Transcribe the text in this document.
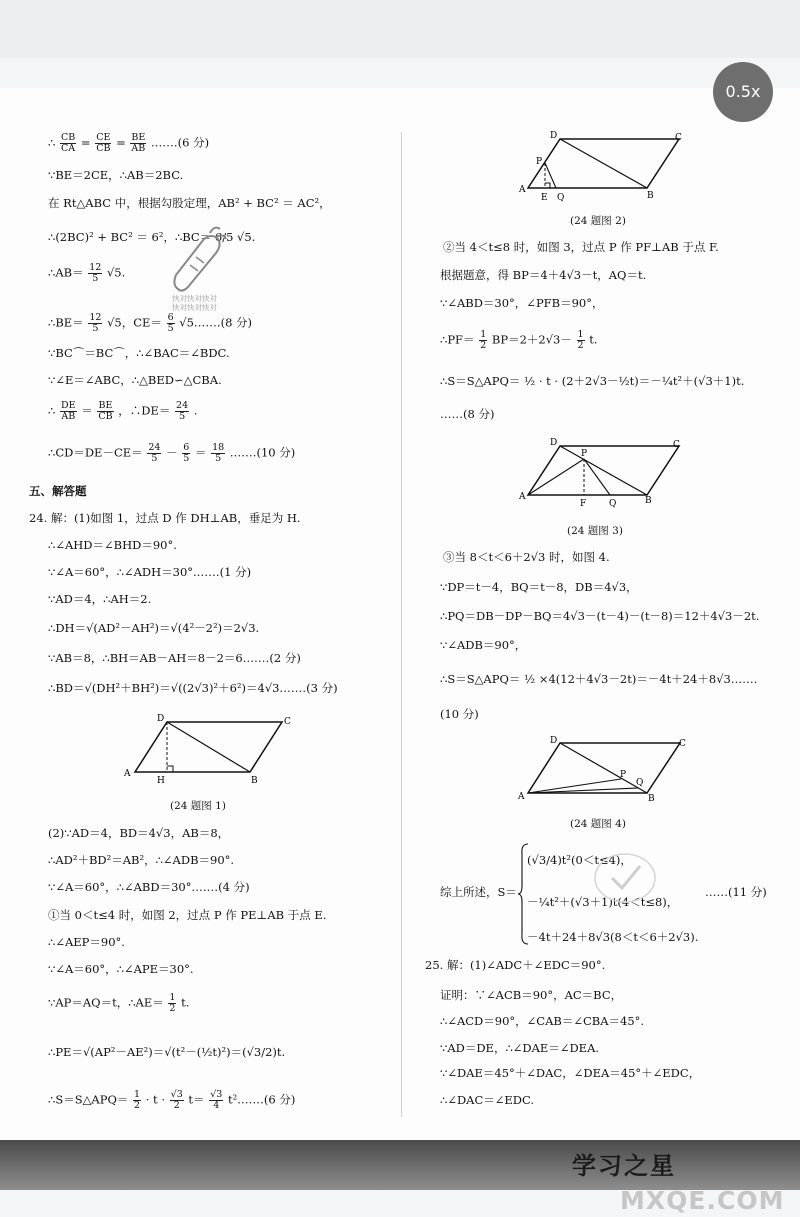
0.5x
∴ $\frac{CB}{CA} = \frac{CE}{CB} = \frac{BE}{AB}$ .……(6 分)
∵BE＝2CE，∴AB＝2BC.
在 Rt△ABC 中，根据勾股定理，AB² + BC² ＝ AC²，
∴(2BC)² + BC² ＝ 6²，∴BC＝ 6/5 √5.
∴AB＝ $\frac{12}{5} √5$.
∴BE＝ $\frac{12}{5} √5$，$CE= \frac{6}{5}$ √5.……(8 分)
∵BC⌒＝BC⌒，∴∠BAC＝∠BDC.
∵∠E＝∠ABC，∴△BED∽△CBA.
∴ $\frac{DE}{AB} = \frac{BE}{CB}$ ，∴DE＝ $\frac{24}{5}$ .
∴CD＝DE－CE＝ $\frac{24}{5} - \frac{6}{5} = \frac{18}{5}$ .……(10 分)
五、解答题
24. 解：(1)如图 1，过点 D 作 DH⊥AB，垂足为 H.
∴∠AHD＝∠BHD＝90°.
∵∠A＝60°，∴∠ADH＝30°.……(1 分)
∵AD＝4，∴AH＝2.
∴DH＝√(AD²－AH²)＝√(4²－2²)＝2√3.
∵AB＝8，∴BH＝AB－AH＝8－2＝6.……(2 分)
∴BD＝√(DH²＋BH²)＝√((2√3)²＋6²)＝4√3.……(3 分)
(2)∵AD＝4，BD＝4√3，AB＝8，
∴AD²＋BD²＝AB²，∴∠ADB＝90°.
∵∠A＝60°，∴∠ABD＝30°.……(4 分)
①当 0＜t≤4 时，如图 2，过点 P 作 PE⊥AB 于点 E.
∴∠AEP＝90°.
∵∠A＝60°，∴∠APE＝30°.
∵AP＝AQ＝t，∴AE＝ $\frac{1}{2} t$.
∴PE＝√(AP²－AE²)＝√(t²－(½t)²)＝(√3/2)t.
∴S＝S△APQ＝ $\frac{1}{2} \cdot t \cdot \frac{√3}{2} t= \frac{√3}{4}$ t².……(6 分)
D	C
A
B
H
(24 题图 1)
D	C
A
B
P
E Q
(24 题图 2)
②当 4＜t≤8 时，如图 3，过点 P 作 PF⊥AB 于点 F.
根据题意，得 BP＝4＋4√3－t，AQ＝t.
∵∠ABD＝30°，∠PFB＝90°，
∴PF＝ $\frac{1}{2} BP=2+2√3- \frac{1}{2} t$.
∴S＝S△APQ＝ ½ · t · (2＋2√3－½t)＝－¼t²＋(√3＋1)t.
……(8 分)
③当 8＜t＜6＋2√3 时，如图 4.
∵DP＝t－4，BQ＝t－8，DB＝4√3，
∴PQ＝DB－DP－BQ＝4√3－(t－4)－(t－8)＝12＋4√3－2t.
∵∠ADB＝90°，
∴S＝S△APQ＝ ½ ×4(12＋4√3－2t)＝－4t＋24＋8√3.……
(10 分)
综上所述，S＝
(√3/4)t²(0＜t≤4)，
－¼t²＋(√3＋1)t(4＜t≤8)，
－4t＋24＋8√3(8＜t＜6＋2√3).
……(11 分)
25. 解：(1)∠ADC＋∠EDC＝90°.
证明：∵∠ACB＝90°，AC＝BC，
∴∠ACD＝90°，∠CAB＝∠CBA＝45°.
∵AD＝DE，∴∠DAE＝∠DEA.
∵∠DAE＝45°＋∠DAC，∠DEA＝45°＋∠EDC，
∴∠DAC＝∠EDC.
D	C
A	B
P
F	Q
(24 题图 3)
D	C
A	B
P
Q
(24 题图 4)
快对快对快对
快对快对快对
学习之星
MXQE.COM
